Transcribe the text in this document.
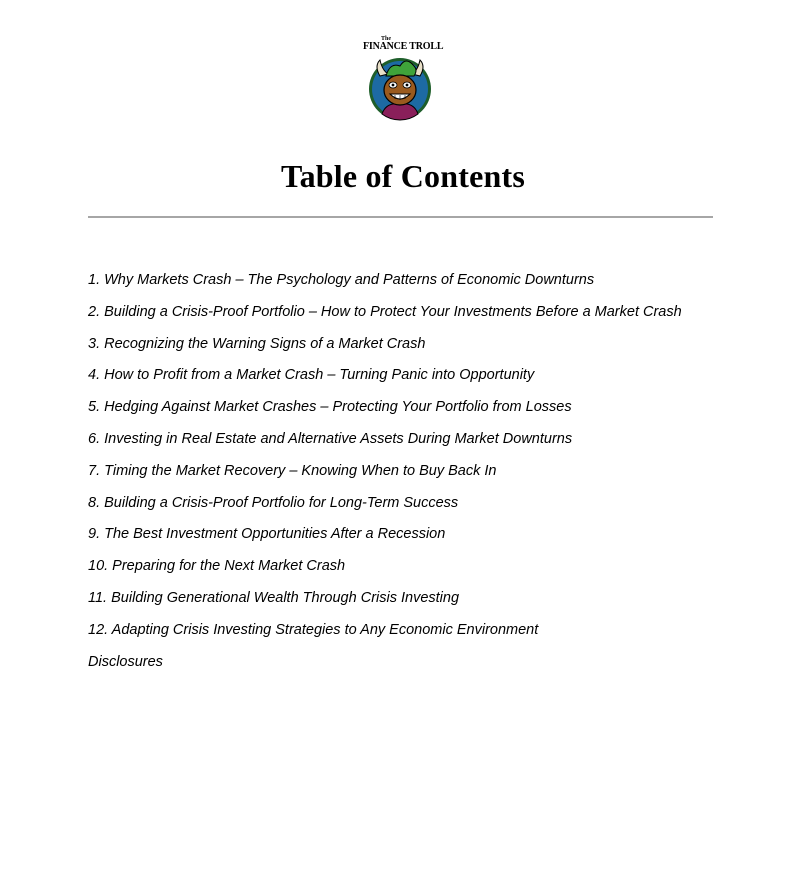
The
FINANCE TROLL
Table of Contents
1. Why Markets Crash – The Psychology and Patterns of Economic Downturns
2. Building a Crisis-Proof Portfolio – How to Protect Your Investments Before a Market Crash
3. Recognizing the Warning Signs of a Market Crash
4. How to Profit from a Market Crash – Turning Panic into Opportunity
5. Hedging Against Market Crashes – Protecting Your Portfolio from Losses
6. Investing in Real Estate and Alternative Assets During Market Downturns
7. Timing the Market Recovery – Knowing When to Buy Back In
8. Building a Crisis-Proof Portfolio for Long-Term Success
9. The Best Investment Opportunities After a Recession
10. Preparing for the Next Market Crash
11. Building Generational Wealth Through Crisis Investing
12. Adapting Crisis Investing Strategies to Any Economic Environment
Disclosures
